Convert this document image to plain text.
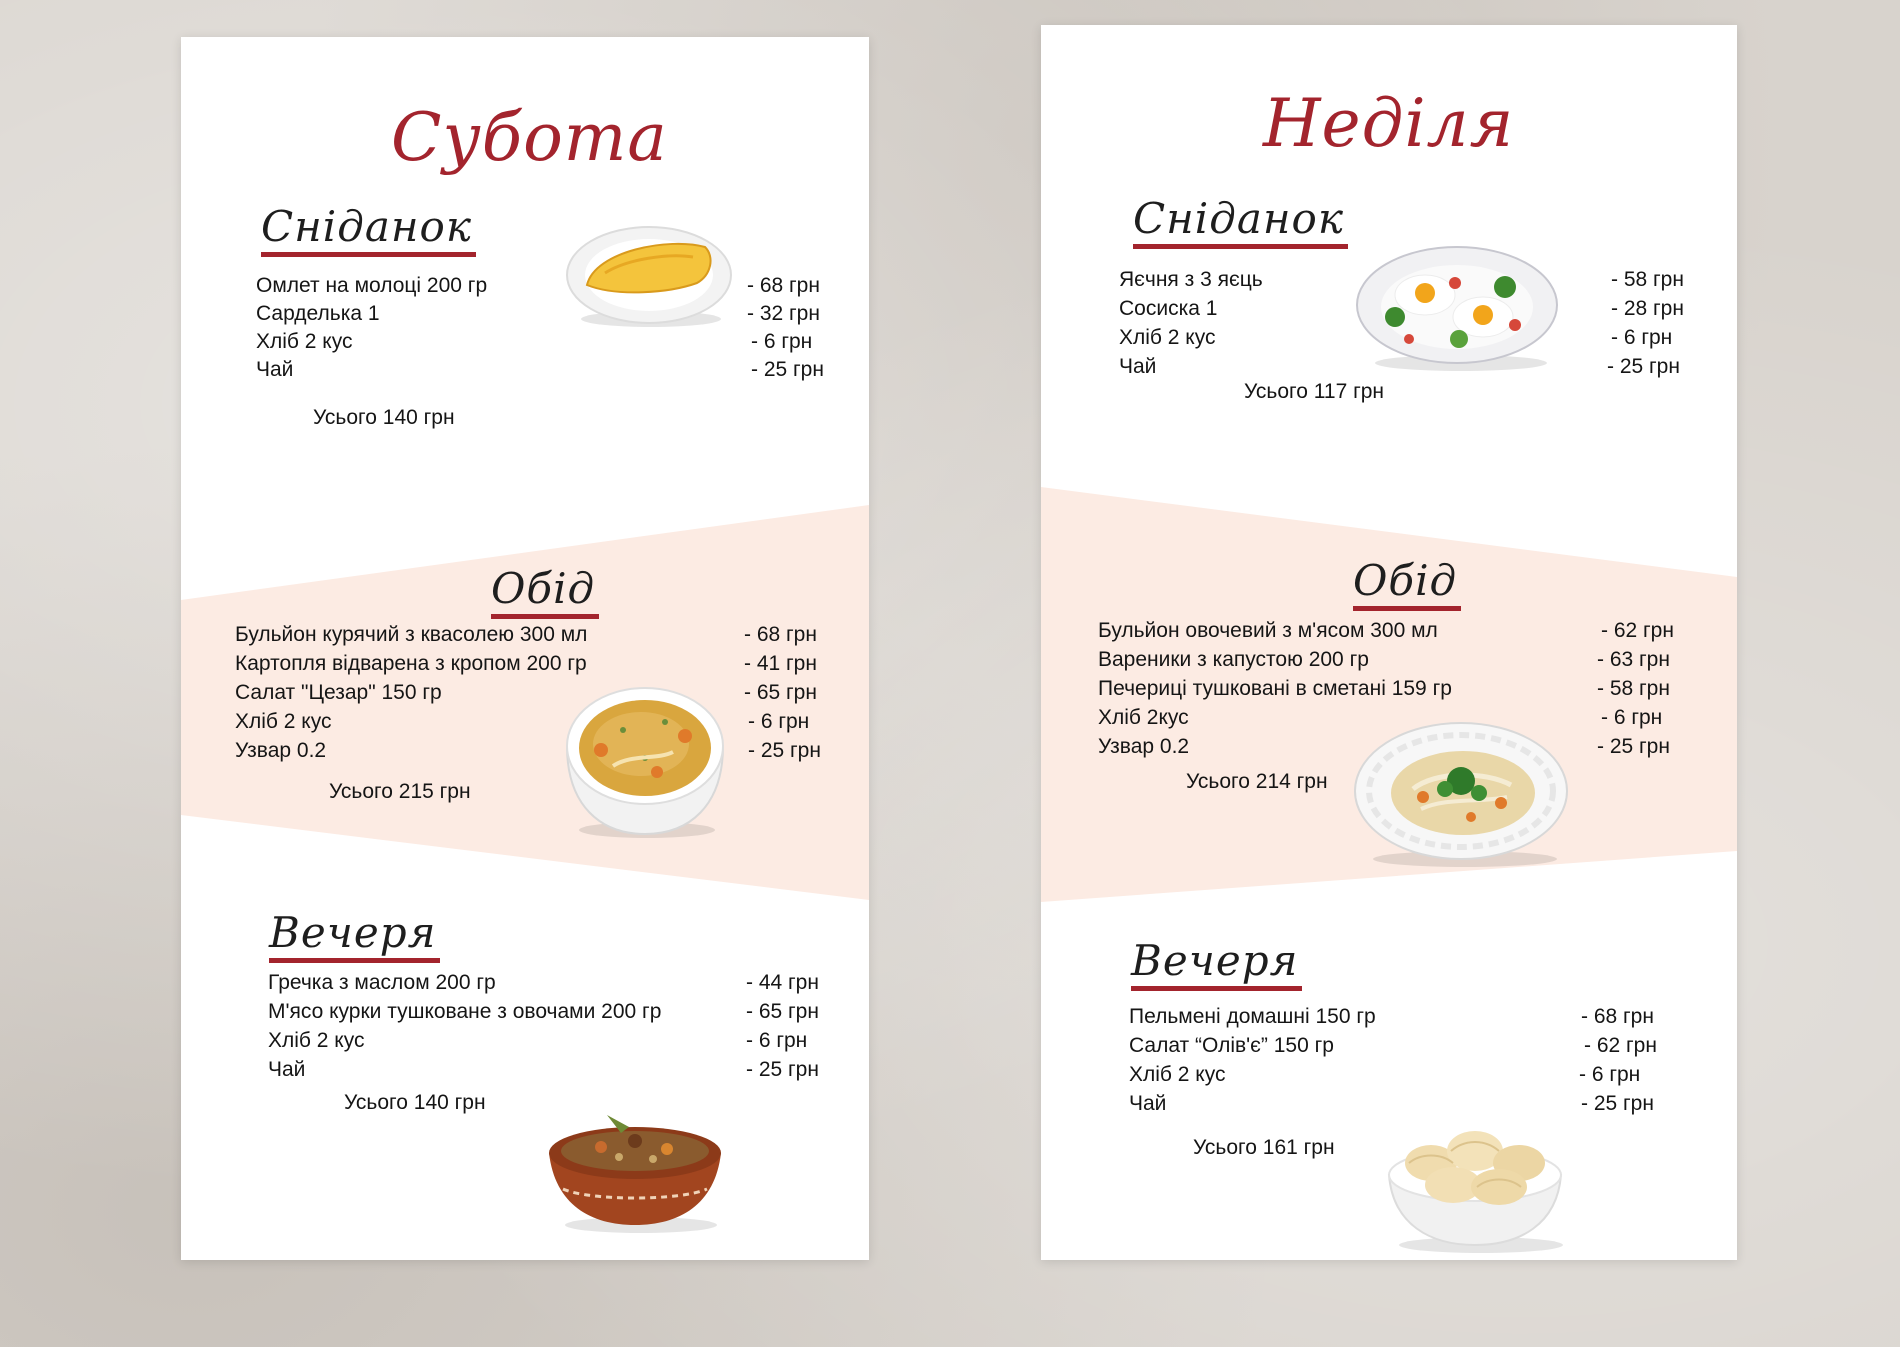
Субота
Сніданок
Омлет на молоці 200 гр	- 68 грн
Сарделька 1	- 32 грн
Хліб 2 кус	- 6 грн
Чай	- 25 грн
Усього 140 грн
Обід
Бульйон курячий з квасолею 300 мл	- 68 грн
Картопля відварена з кропом 200 гр	- 41 грн
Салат "Цезар" 150 гр	- 65 грн
Хліб 2 кус	- 6 грн
Узвар 0.2	- 25 грн
Усього 215 грн
Вечеря
Гречка з маслом 200 гр	- 44 грн
М'ясо курки тушковане з овочами 200 гр	- 65 грн
Хліб 2 кус	- 6 грн
Чай	- 25 грн
Усього 140 грн
Неділя
Сніданок
Яєчня з 3 яєць	- 58 грн
Сосиска 1	- 28 грн
Хліб 2 кус	- 6 грн
Чай	- 25 грн
Усього 117 грн
Обід
Бульйон овочевий з м'ясом 300 мл	- 62 грн
Вареники з капустою 200 гр	- 63 грн
Печериці тушковані в сметані 159 гр	- 58 грн
Хліб 2кус	- 6 грн
Узвар 0.2	- 25 грн
Усього 214 грн
Вечеря
Пельмені домашні 150 гр	- 68 грн
Салат “Олів'є” 150 гр	- 62 грн
Хліб 2 кус	- 6 грн
Чай	- 25 грн
Усього 161 грн
